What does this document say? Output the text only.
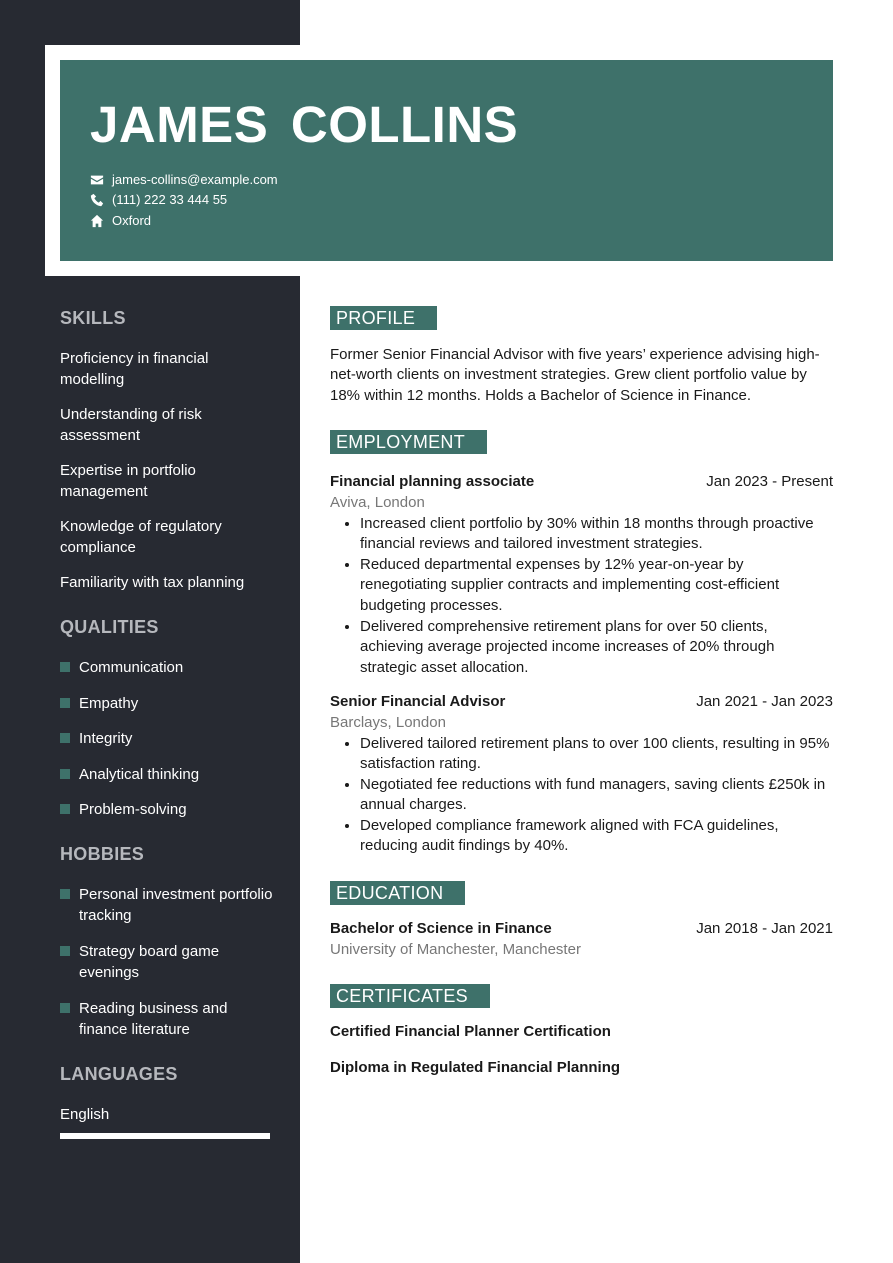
JAMES COLLINS
james-collins@example.com
(111) 222 33 444 55
Oxford
SKILLS
Proficiency in financial modelling
Understanding of risk assessment
Expertise in portfolio management
Knowledge of regulatory compliance
Familiarity with tax planning
QUALITIES
Communication
Empathy
Integrity
Analytical thinking
Problem-solving
HOBBIES
Personal investment portfolio tracking
Strategy board game evenings
Reading business and finance literature
LANGUAGES
English
PROFILE

Former Senior Financial Advisor with five years’ experience advising high-net-worth clients on investment strategies. Grew client portfolio value by 18% within 12 months. Holds a Bachelor of Science in Finance.

EMPLOYMENT
Financial planning associate	Jan 2023 - Present
Aviva, London
• Increased client portfolio by 30% within 18 months through proactive financial reviews and tailored investment strategies.
• Reduced departmental expenses by 12% year-on-year by renegotiating supplier contracts and implementing cost-efficient budgeting processes.
• Delivered comprehensive retirement plans for over 50 clients, achieving average projected income increases of 20% through strategic asset allocation.
Senior Financial Advisor	Jan 2021 - Jan 2023
Barclays, London
• Delivered tailored retirement plans to over 100 clients, resulting in 95% satisfaction rating.
• Negotiated fee reductions with fund managers, saving clients £250k in annual charges.
• Developed compliance framework aligned with FCA guidelines, reducing audit findings by 40%.
EDUCATION
Bachelor of Science in Finance	Jan 2018 - Jan 2021
University of Manchester, Manchester
CERTIFICATES
Certified Financial Planner Certification
Diploma in Regulated Financial Planning
